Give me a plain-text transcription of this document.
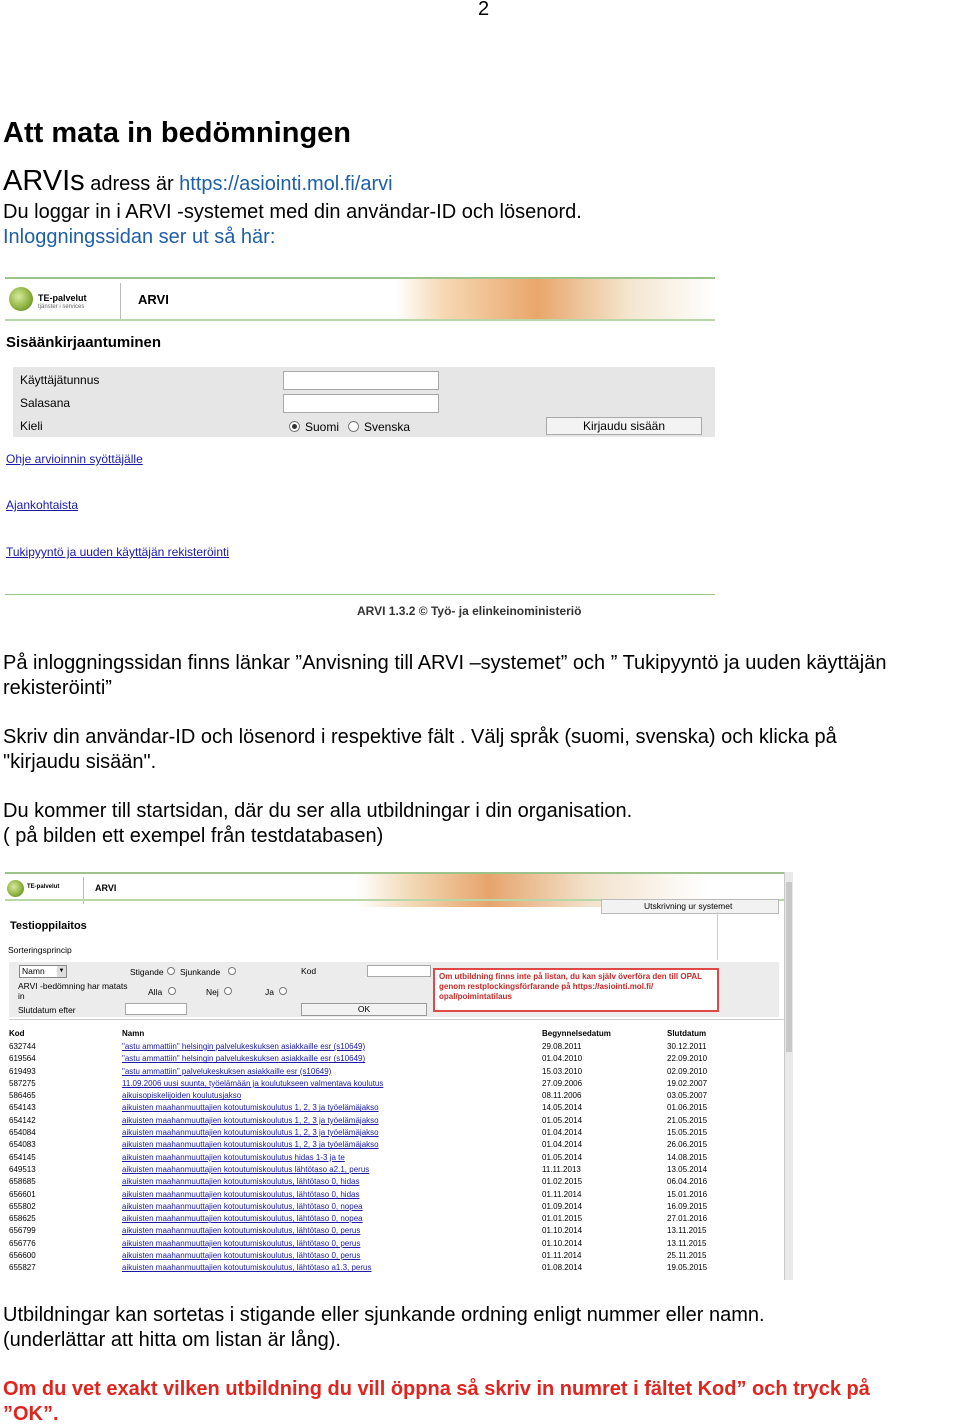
2
Att mata in bedömningen
ARVIs adress är https://asiointi.mol.fi/arvi
Du loggar in i ARVI -systemet med din användar-ID och lösenord.
Inloggningssidan ser ut så här:
TE-palvelut
tjänster i services	ARVI
Sisäänkirjaantuminen
Käyttäjätunnus
Salasana
Kieli	Suomi Svenska	Kirjaudu sisään
Ohje arvioinnin syöttäjälle
Ajankohtaista
Tukipyyntö ja uuden käyttäjän rekisteröinti
ARVI 1.3.2 © Työ- ja elinkeinoministeriö
På inloggningssidan finns länkar ”Anvisning till ARVI –systemet” och ” Tukipyyntö ja uuden käyttäjän
rekisteröinti”
Skriv din användar-ID och lösenord i respektive fält . Välj språk (suomi, svenska) och klicka på
"kirjaudu sisään".
Du kommer till startsidan, där du ser alla utbildningar i din organisation.
( på bilden ett exempel från testdatabasen)
TE-palvelut	ARVI
Utskrivning ur systemet
Testioppilaitos
Sorteringsprincip
Namn ▼	Stigande Sjunkande	Kod
ARVI -bedömning har matats
in	Alla	Nej	Ja
Slutdatum efter	OK
Om utbildning finns inte på listan, du kan själv överföra den till OPAL genom restplockingsförfarande på https://asiointi.mol.fi/ opal/poimintatilaus
Kod	Namn	Begynnelsedatum	Slutdatum
632744	"astu ammattiin" helsingin palvelukeskuksen asiakkaille esr (s10649)	29.08.2011	30.12.2011
619564	"astu ammattiin" helsingin palvelukeskuksen asiakkaille esr (s10649)	01.04.2010	22.09.2010
619493	"astu ammattiin" palvelukeskuksen asiakkaille esr (s10649)	15.03.2010	02.09.2010
587275	11.09.2006 uusi suunta, työelämään ja koulutukseen valmentava koulutus	27.09.2006	19.02.2007
586465	aikuisopiskelijoiden koulutusjakso	08.11.2006	03.05.2007
654143	aikuisten maahanmuuttajien kotoutumiskoulutus 1, 2, 3 ja työelämäjakso	14.05.2014	01.06.2015
654142	aikuisten maahanmuuttajien kotoutumiskoulutus 1, 2, 3 ja työelämäjakso	01.05.2014	21.05.2015
654084	aikuisten maahanmuuttajien kotoutumiskoulutus 1, 2, 3 ja työelämäjakso	01.04.2014	15.05.2015
654083	aikuisten maahanmuuttajien kotoutumiskoulutus 1, 2, 3 ja työelämäjakso	01.04.2014	26.06.2015
654145	aikuisten maahanmuuttajien kotoutumiskoulutus hidas 1-3 ja te	01.05.2014	14.08.2015
649513	aikuisten maahanmuuttajien kotoutumiskoulutus lähtötaso a2.1, perus	11.11.2013	13.05.2014
658685	aikuisten maahanmuuttajien kotoutumiskoulutus, lähtötaso 0, hidas	01.02.2015	06.04.2016
656601	aikuisten maahanmuuttajien kotoutumiskoulutus, lähtötaso 0, hidas	01.11.2014	15.01.2016
655802	aikuisten maahanmuuttajien kotoutumiskoulutus, lähtötaso 0, nopea	01.09.2014	16.09.2015
658625	aikuisten maahanmuuttajien kotoutumiskoulutus, lähtötaso 0, nopea	01.01.2015	27.01.2016
656799	aikuisten maahanmuuttajien kotoutumiskoulutus, lähtötaso 0, perus	01.10.2014	13.11.2015
656776	aikuisten maahanmuuttajien kotoutumiskoulutus, lähtötaso 0, perus	01.10.2014	13.11.2015
656600	aikuisten maahanmuuttajien kotoutumiskoulutus, lähtötaso 0, perus	01.11.2014	25.11.2015
655827	aikuisten maahanmuuttajien kotoutumiskoulutus, lähtötaso a1.3, perus	01.08.2014	19.05.2015
Utbildningar kan sortetas i stigande eller sjunkande ordning enligt nummer eller namn.
(underlättar att hitta om listan är lång).
Om du vet exakt vilken utbildning du vill öppna så skriv in numret i fältet Kod” och tryck på
”OK”.
